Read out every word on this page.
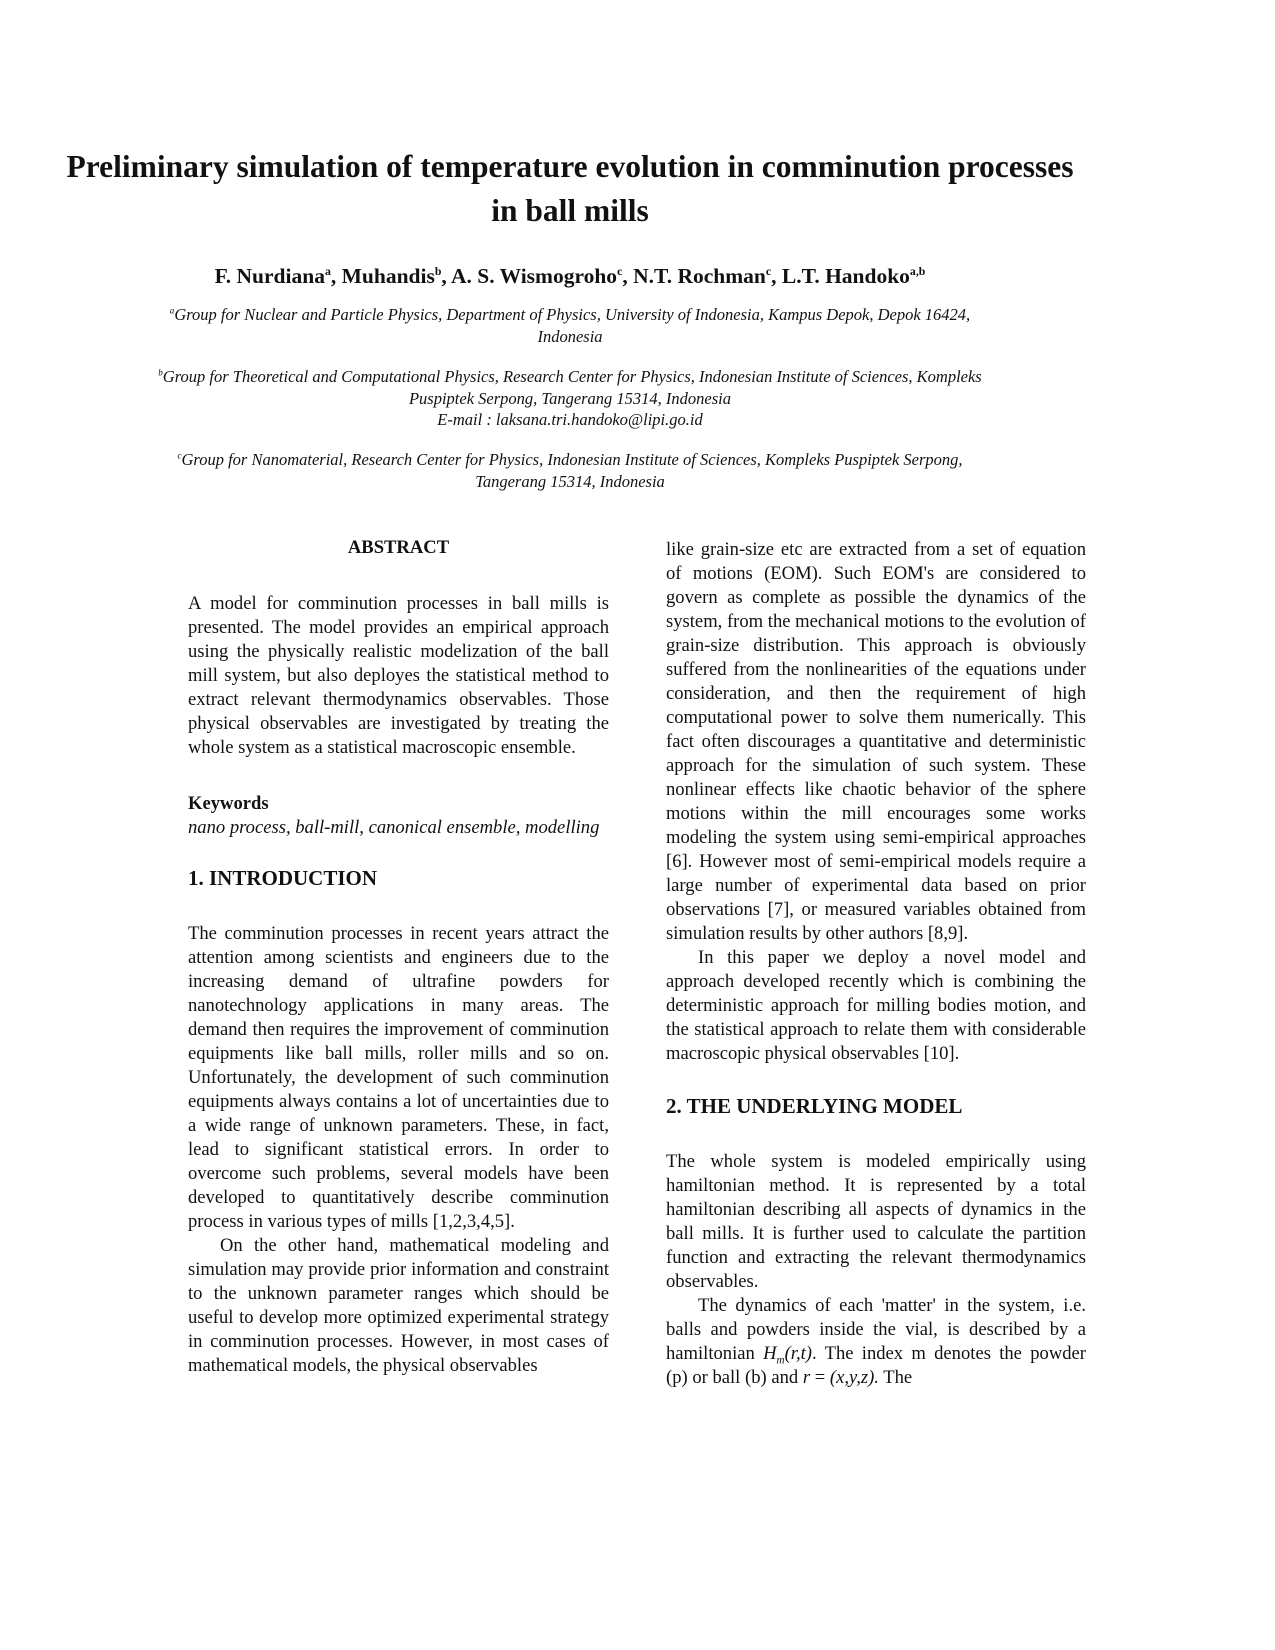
Preliminary simulation of temperature evolution in comminution processes in ball mills
F. Nurdiana$^a$, Muhandis$^b$, A. S. Wismogroho$^c$, N.T. Rochman$^c$, L.T. Handoko$^{a,b}$
$^a$Group for Nuclear and Particle Physics, Department of Physics, University of Indonesia, Kampus Depok, Depok 16424,
Indonesia
$^b$Group for Theoretical and Computational Physics, Research Center for Physics, Indonesian Institute of Sciences, Kompleks
Puspiptek Serpong, Tangerang 15314, Indonesia
E-mail : laksana.tri.handoko@lipi.go.id
$^c$Group for Nanomaterial, Research Center for Physics, Indonesian Institute of Sciences, Kompleks Puspiptek Serpong,
Tangerang 15314, Indonesia
ABSTRACT

A model for comminution processes in ball mills is presented. The model provides an empirical approach using the physically realistic modelization of the ball mill system, but also deployes the statistical method to extract relevant thermodynamics observables. Those physical observables are investigated by treating the whole system as a statistical macroscopic ensemble.

Keywords

nano process, ball-mill, canonical ensemble, modelling

1. INTRODUCTION

The comminution processes in recent years attract the attention among scientists and engineers due to the increasing demand of ultrafine powders for nanotechnology applications in many areas. The demand then requires the improvement of comminution equipments like ball mills, roller mills and so on. Unfortunately, the development of such comminution equipments always contains a lot of uncertainties due to a wide range of unknown parameters. These, in fact, lead to significant statistical errors. In order to overcome such problems, several models have been developed to quantitatively describe comminution process in various types of mills [1,2,3,4,5].

On the other hand, mathematical modeling and simulation may provide prior information and constraint to the unknown parameter ranges which should be useful to develop more optimized experimental strategy in comminution processes. However, in most cases of mathematical models, the physical observables

like grain-size etc are extracted from a set of equation of motions (EOM). Such EOM's are considered to govern as complete as possible the dynamics of the system, from the mechanical motions to the evolution of grain-size distribution. This approach is obviously suffered from the nonlinearities of the equations under consideration, and then the requirement of high computational power to solve them numerically. This fact often discourages a quantitative and deterministic approach for the simulation of such system. These nonlinear effects like chaotic behavior of the sphere motions within the mill encourages some works modeling the system using semi-empirical approaches [6]. However most of semi-empirical models require a large number of experimental data based on prior observations [7], or measured variables obtained from simulation results by other authors [8,9].

In this paper we deploy a novel model and approach developed recently which is combining the deterministic approach for milling bodies motion, and the statistical approach to relate them with considerable macroscopic physical observables [10].

2. THE UNDERLYING MODEL

The whole system is modeled empirically using hamiltonian method. It is represented by a total hamiltonian describing all aspects of dynamics in the ball mills. It is further used to calculate the partition function and extracting the relevant thermodynamics observables.

The dynamics of each 'matter' in the system, i.e. balls and powders inside the vial, is described by a hamiltonian $H_m(r,t)$. The index m denotes the powder (p) or ball (b) and r = (x,y,z). The
